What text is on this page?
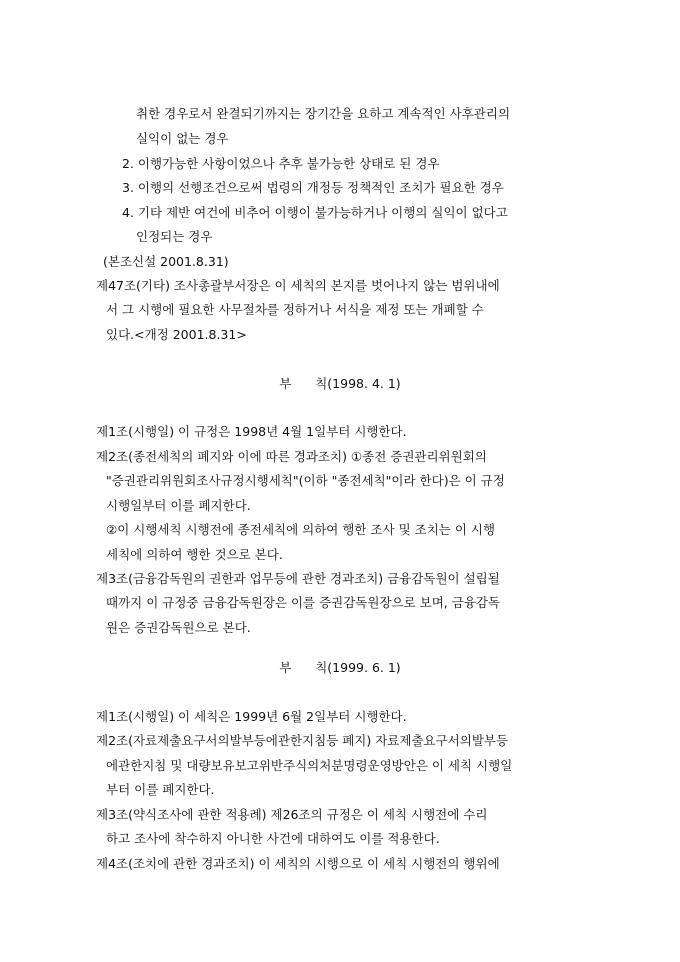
취한 경우로서 완결되기까지는 장기간을 요하고 계속적인 사후관리의
실익이 없는 경우
2. 이행가능한 사항이었으나 추후 불가능한 상태로 된 경우
3. 이행의 선행조건으로써 법령의 개정등 정책적인 조치가 필요한 경우
4. 기타 제반 여건에 비추어 이행이 불가능하거나 이행의 실익이 없다고
인정되는 경우
(본조신설 2001.8.31)
제47조(기타) 조사총괄부서장은 이 세칙의 본지를 벗어나지 않는 범위내에
서 그 시행에 필요한 사무절차를 정하거나 서식을 제정 또는 개폐할 수
있다.<개정 2001.8.31>
부      칙(1998. 4. 1)
제1조(시행일) 이 규정은 1998년 4월 1일부터 시행한다.
제2조(종전세칙의 폐지와 이에 따른 경과조치) ①종전 증권관리위원회의
"증권관리위원회조사규정시행세칙"(이하 "종전세칙"이라 한다)은 이 규정
시행일부터 이를 폐지한다.
②이 시행세칙 시행전에 종전세칙에 의하여 행한 조사 및 조치는 이 시행
세칙에 의하여 행한 것으로 본다.
제3조(금융감독원의 권한과 업무등에 관한 경과조치) 금융감독원이 설립될
때까지 이 규정중 금융감독원장은 이를 증권감독원장으로 보며, 금융감독
원은 증권감독원으로 본다.
부      칙(1999. 6. 1)
제1조(시행일) 이 세칙은 1999년 6월 2일부터 시행한다.
제2조(자료제출요구서의발부등에관한지침등 폐지) 자료제출요구서의발부등
에관한지침 및 대량보유보고위반주식의처분명령운영방안은 이 세칙 시행일
부터 이를 폐지한다.
제3조(약식조사에 관한 적용례) 제26조의 규정은 이 세칙 시행전에 수리
하고 조사에 착수하지 아니한 사건에 대하여도 이를 적용한다.
제4조(조치에 관한 경과조치) 이 세칙의 시행으로 이 세칙 시행전의 행위에
